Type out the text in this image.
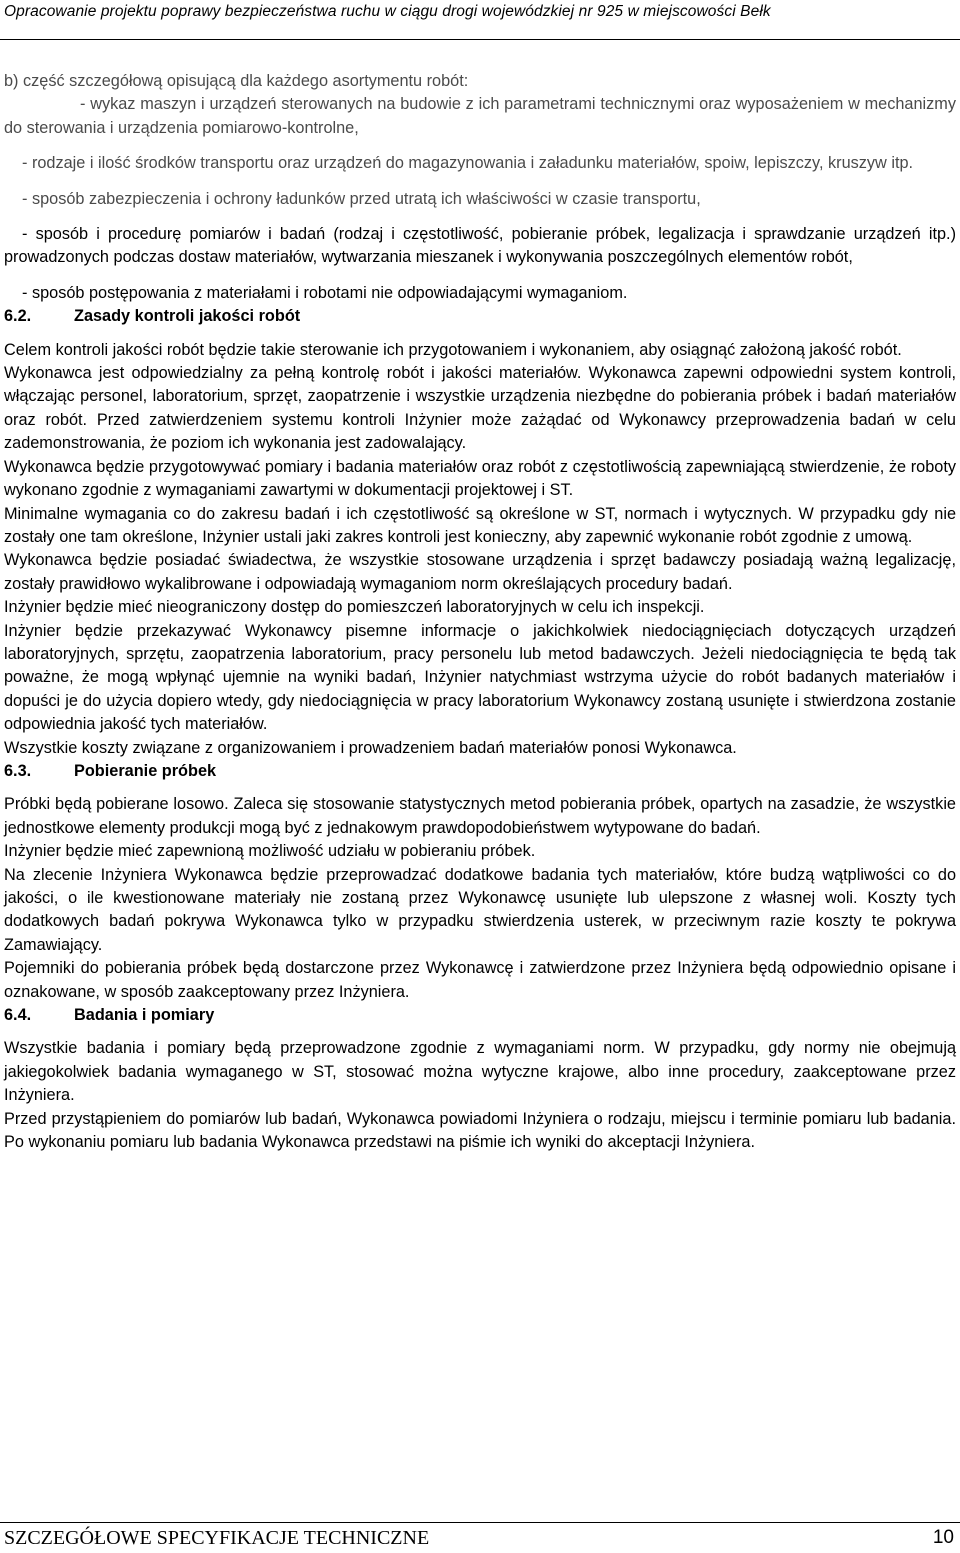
Opracowanie projektu poprawy bezpieczeństwa ruchu w ciągu drogi wojewódzkiej nr 925 w miejscowości Bełk

b) część szczegółową opisującą dla każdego asortymentu robót:

- wykaz maszyn i urządzeń sterowanych na budowie z ich parametrami technicznymi oraz wyposażeniem w mechanizmy do sterowania i urządzenia pomiarowo-kontrolne,

- rodzaje i ilość środków transportu oraz urządzeń do magazynowania i załadunku materiałów, spoiw, lepiszczy, kruszyw itp.

- sposób zabezpieczenia i ochrony ładunków przed utratą ich właściwości w czasie transportu,

- sposób i procedurę pomiarów i badań (rodzaj i częstotliwość, pobieranie próbek, legalizacja i sprawdzanie urządzeń itp.) prowadzonych podczas dostaw materiałów, wytwarzania mieszanek i wykonywania poszczególnych elementów robót,

- sposób postępowania z materiałami i robotami nie odpowiadającymi wymaganiom.

6.2.	Zasady kontroli jakości robót

Celem kontroli jakości robót będzie takie sterowanie ich przygotowaniem i wykonaniem, aby osiągnąć założoną jakość robót.

Wykonawca jest odpowiedzialny za pełną kontrolę robót i jakości materiałów. Wykonawca zapewni odpowiedni system kontroli, włączając personel, laboratorium, sprzęt, zaopatrzenie i wszystkie urządzenia niezbędne do pobierania próbek i badań materiałów oraz robót. Przed zatwierdzeniem systemu kontroli Inżynier może zażądać od Wykonawcy przeprowadzenia badań w celu zademonstrowania, że poziom ich wykonania jest zadowalający.

Wykonawca będzie przygotowywać pomiary i badania materiałów oraz robót z częstotliwością zapewniającą stwierdzenie, że roboty wykonano zgodnie z wymaganiami zawartymi w dokumentacji projektowej i ST.

Minimalne wymagania co do zakresu badań i ich częstotliwość są określone w ST, normach i wytycznych. W przypadku gdy nie zostały one tam określone, Inżynier ustali jaki zakres kontroli jest konieczny, aby zapewnić wykonanie robót zgodnie z umową.

Wykonawca będzie posiadać świadectwa, że wszystkie stosowane urządzenia i sprzęt badawczy posiadają ważną legalizację, zostały prawidłowo wykalibrowane i odpowiadają wymaganiom norm określających procedury badań.

Inżynier będzie mieć nieograniczony dostęp do pomieszczeń laboratoryjnych w celu ich inspekcji.

Inżynier będzie przekazywać Wykonawcy pisemne informacje o jakichkolwiek niedociągnięciach dotyczących urządzeń laboratoryjnych, sprzętu, zaopatrzenia laboratorium, pracy personelu lub metod badawczych. Jeżeli niedociągnięcia te będą tak poważne, że mogą wpłynąć ujemnie na wyniki badań, Inżynier natychmiast wstrzyma użycie do robót badanych materiałów i dopuści je do użycia dopiero wtedy, gdy niedociągnięcia w pracy laboratorium Wykonawcy zostaną usunięte i stwierdzona zostanie odpowiednia jakość tych materiałów.

Wszystkie koszty związane z organizowaniem i prowadzeniem badań materiałów ponosi Wykonawca.

6.3.	Pobieranie próbek

Próbki będą pobierane losowo. Zaleca się stosowanie statystycznych metod pobierania próbek, opartych na zasadzie, że wszystkie jednostkowe elementy produkcji mogą być z jednakowym prawdopodobieństwem wytypowane do badań.

Inżynier będzie mieć zapewnioną możliwość udziału w pobieraniu próbek.

Na zlecenie Inżyniera Wykonawca będzie przeprowadzać dodatkowe badania tych materiałów, które budzą wątpliwości co do jakości, o ile kwestionowane materiały nie zostaną przez Wykonawcę usunięte lub ulepszone z własnej woli. Koszty tych dodatkowych badań pokrywa Wykonawca tylko w przypadku stwierdzenia usterek, w przeciwnym razie koszty te pokrywa Zamawiający.

Pojemniki do pobierania próbek będą dostarczone przez Wykonawcę i zatwierdzone przez Inżyniera będą odpowiednio opisane i oznakowane, w sposób zaakceptowany przez Inżyniera.

6.4.	Badania i pomiary

Wszystkie badania i pomiary będą przeprowadzone zgodnie z wymaganiami norm. W przypadku, gdy normy nie obejmują jakiegokolwiek badania wymaganego w ST, stosować można wytyczne krajowe, albo inne procedury, zaakceptowane przez Inżyniera.

Przed przystąpieniem do pomiarów lub badań, Wykonawca powiadomi Inżyniera o rodzaju, miejscu i terminie pomiaru lub badania. Po wykonaniu pomiaru lub badania Wykonawca przedstawi na piśmie ich wyniki do akceptacji Inżyniera.

SZCZEGÓŁOWE SPECYFIKACJE TECHNICZNE	10
